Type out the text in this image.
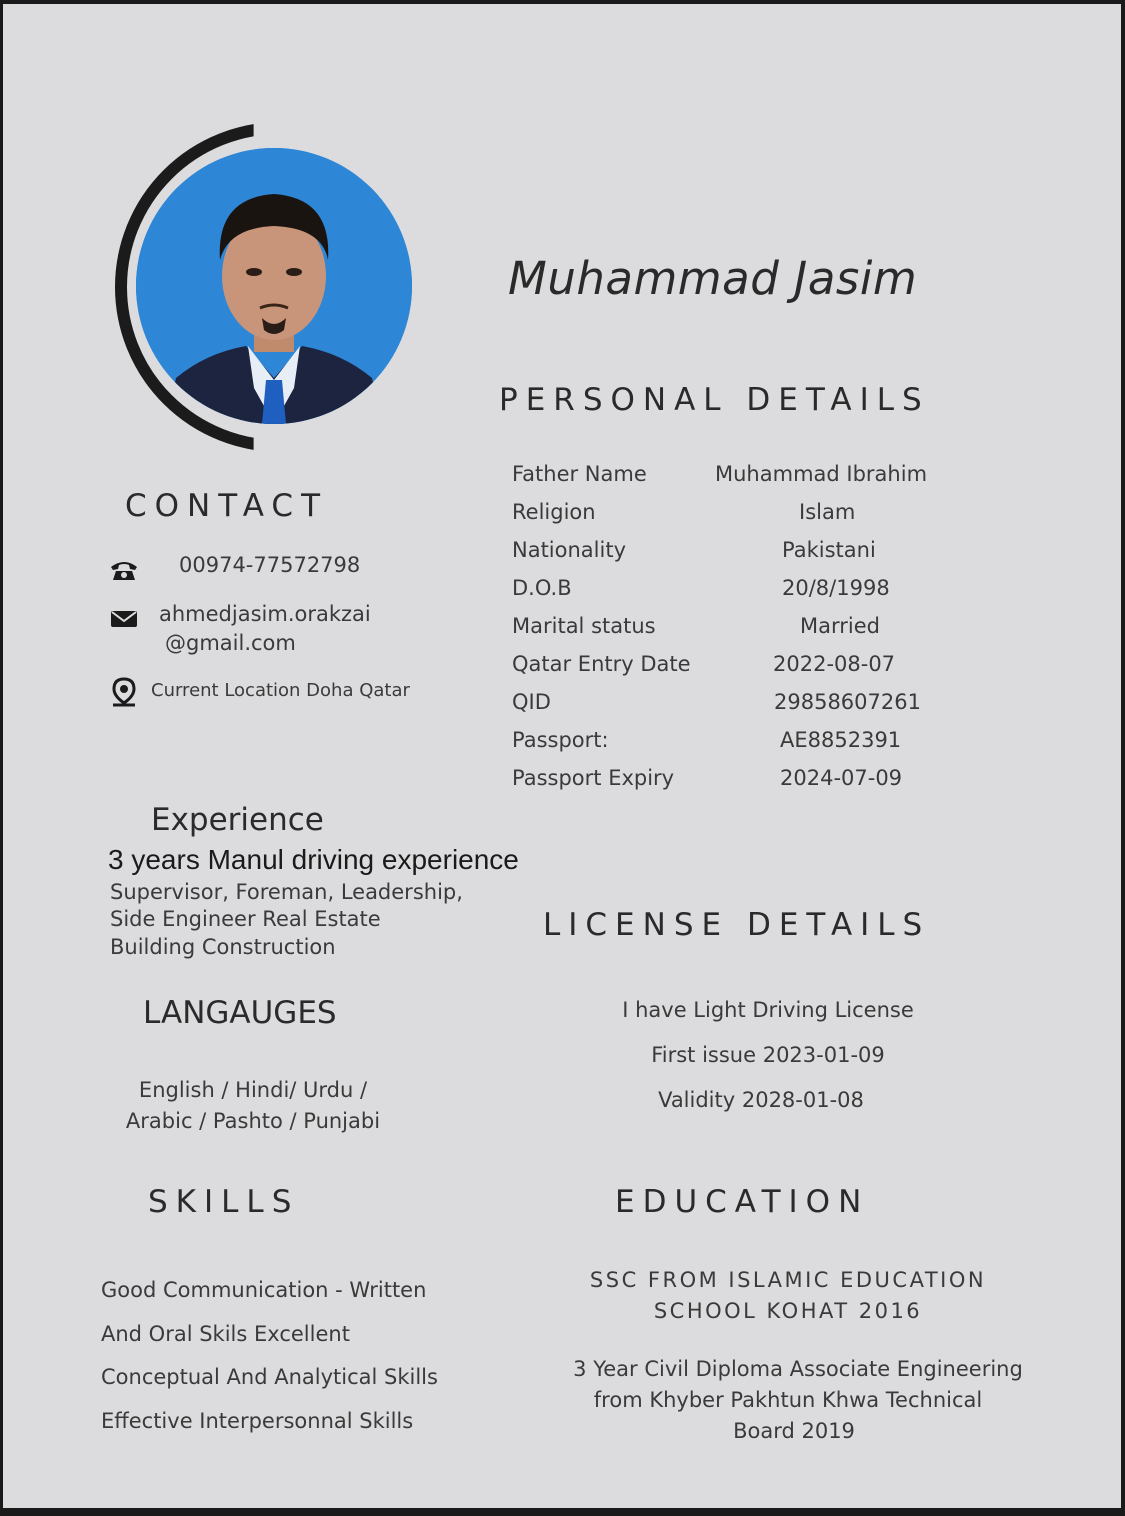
Muhammad Jasim
PERSONAL DETAILS
Father Name	Muhammad Ibrahim
Religion	Islam
Nationality	Pakistani
D.O.B	20/8/1998
Marital status	Married
Qatar Entry Date	2022-08-07
QID	29858607261
Passport:	AE8852391
Passport Expiry	2024-07-09
CONTACT
00974-77572798
ahmedjasim.orakzai
@gmail.com
Current Location Doha Qatar
Experience
3 years Manul driving experience
Supervisor, Foreman, Leadership,
Side Engineer Real Estate
Building Construction
LICENSE DETAILS
I have Light Driving License
First issue 2023-01-09
Validity 2028-01-08
LANGAUGES
English / Hindi/ Urdu /
Arabic / Pashto / Punjabi
SKILLS
Good Communication - Written
And Oral Skils Excellent
Conceptual And Analytical Skills
Effective Interpersonnal Skills
EDUCATION
SSC FROM ISLAMIC EDUCATION
SCHOOL KOHAT 2016
3 Year Civil Diploma Associate Engineering
from Khyber Pakhtun Khwa Technical
Board 2019
